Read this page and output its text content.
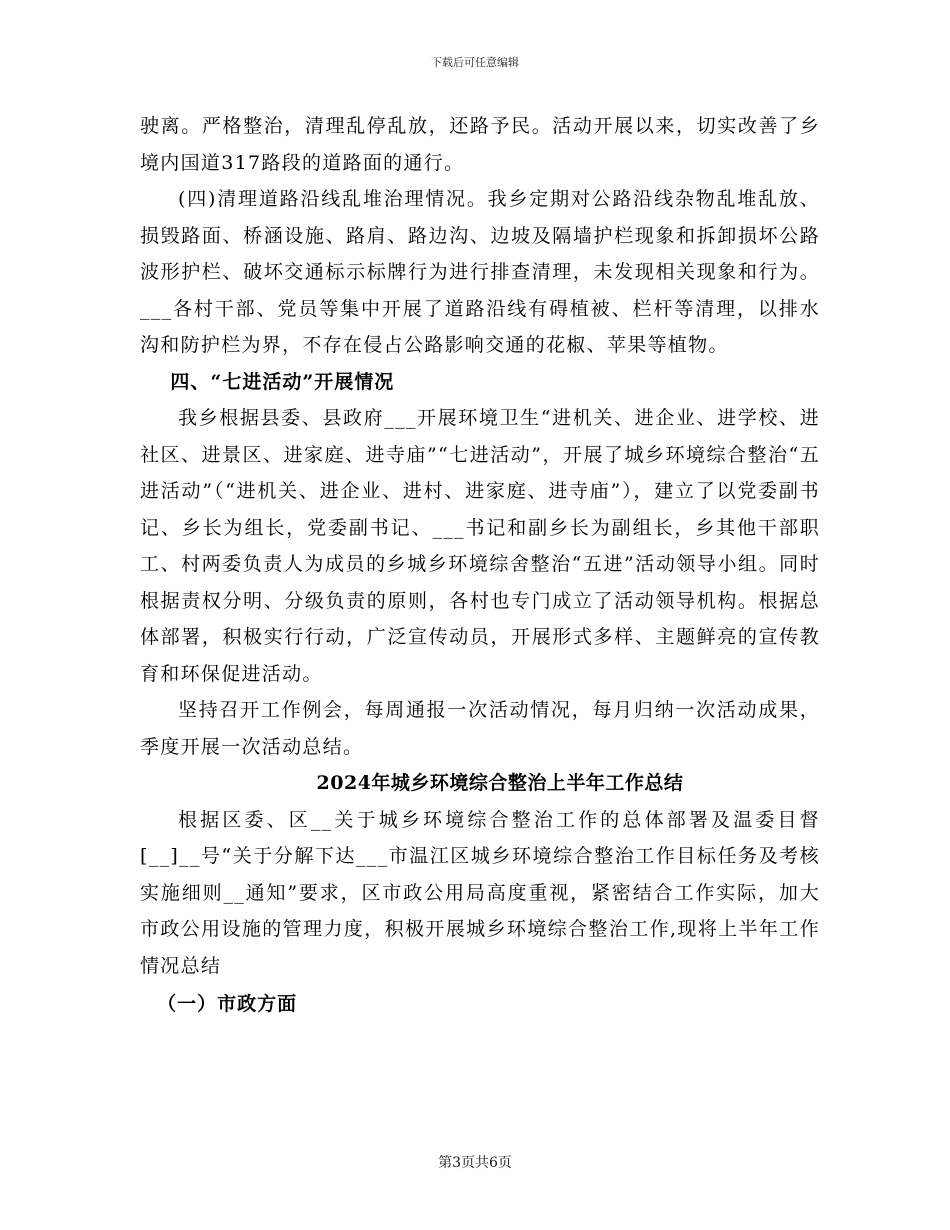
下载后可任意编辑

驶离。严格整治，清理乱停乱放，还路予民。活动开展以来，切实改善了乡境内国道317路段的道路面的通行。

(四)清理道路沿线乱堆治理情况。我乡定期对公路沿线杂物乱堆乱放、损毁路面、桥涵设施、路肩、路边沟、边坡及隔墙护栏现象和拆卸损坏公路波形护栏、破坏交通标示标牌行为进行排查清理，未发现相关现象和行为。___各村干部、党员等集中开展了道路沿线有碍植被、栏杆等清理，以排水沟和防护栏为界，不存在侵占公路影响交通的花椒、苹果等植物。

四、“七进活动”开展情况

我乡根据县委、县政府___开展环境卫生“进机关、进企业、进学校、进社区、进景区、进家庭、进寺庙”“七进活动”，开展了城乡环境综合整治“五进活动”（“进机关、进企业、进村、进家庭、进寺庙”），建立了以党委副书记、乡长为组长，党委副书记、___书记和副乡长为副组长，乡其他干部职工、村两委负责人为成员的乡城乡环境综舍整治“五进”活动领导小组。同时根据责权分明、分级负责的原则，各村也专门成立了活动领导机构。根据总体部署，积极实行行动，广泛宣传动员，开展形式多样、主题鲜亮的宣传教育和环保促进活动。

坚持召开工作例会，每周通报一次活动情况，每月归纳一次活动成果，季度开展一次活动总结。

2024年城乡环境综合整治上半年工作总结

根据区委、区__关于城乡环境综合整治工作的总体部署及温委目督[__]__号“关于分解下达___市温江区城乡环境综合整治工作目标任务及考核实施细则__通知”要求，区市政公用局高度重视，紧密结合工作实际，加大市政公用设施的管理力度，积极开展城乡环境综合整治工作,现将上半年工作情况总结

（一）市政方面

第3页共6页
